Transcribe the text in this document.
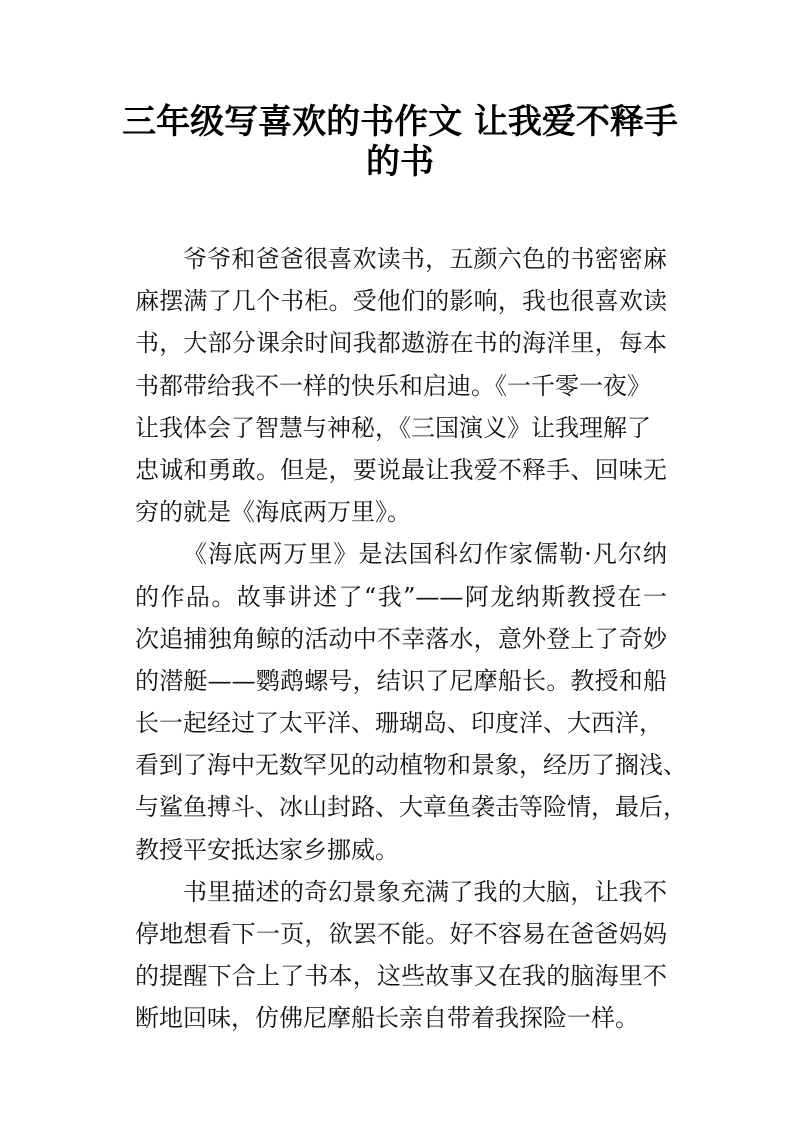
三年级写喜欢的书作文 让我爱不释手
的书
爷爷和爸爸很喜欢读书，五颜六色的书密密麻
麻摆满了几个书柜。受他们的影响，我也很喜欢读
书，大部分课余时间我都遨游在书的海洋里，每本
书都带给我不一样的快乐和启迪。《一千零一夜》
让我体会了智慧与神秘，《三国演义》让我理解了
忠诚和勇敢。但是，要说最让我爱不释手、回味无
穷的就是《海底两万里》。
《海底两万里》是法国科幻作家儒勒·凡尔纳
的作品。故事讲述了“我”——阿龙纳斯教授在一
次追捕独角鲸的活动中不幸落水，意外登上了奇妙
的潜艇——鹦鹉螺号，结识了尼摩船长。教授和船
长一起经过了太平洋、珊瑚岛、印度洋、大西洋，
看到了海中无数罕见的动植物和景象，经历了搁浅、
与鲨鱼搏斗、冰山封路、大章鱼袭击等险情，最后，
教授平安抵达家乡挪威。
书里描述的奇幻景象充满了我的大脑，让我不
停地想看下一页，欲罢不能。好不容易在爸爸妈妈
的提醒下合上了书本，这些故事又在我的脑海里不
断地回味，仿佛尼摩船长亲自带着我探险一样。
